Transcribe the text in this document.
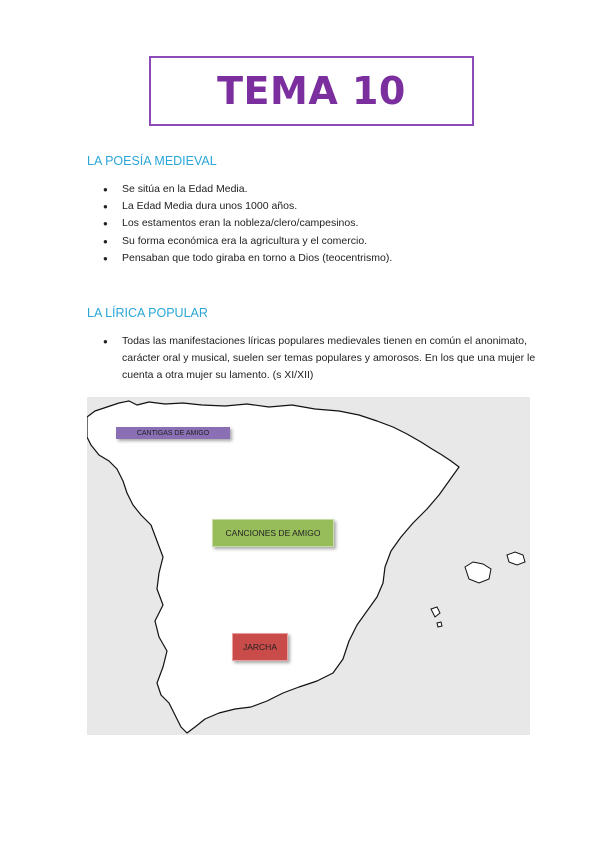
TEMA 10
LA POESÍA MEDIEVAL
● Se sitúa en la Edad Media.
● La Edad Media dura unos 1000 años.
● Los estamentos eran la nobleza/clero/campesinos.
● Su forma económica era la agricultura y el comercio.
● Pensaban que todo giraba en torno a Dios (teocentrismo).
LA LÍRICA POPULAR
● Todas las manifestaciones líricas populares medievales tienen en común el anonimato, carácter oral y musical, suelen ser temas populares y amorosos. En los que una mujer le cuenta a otra mujer su lamento. (s XI/XII)
CANTIGAS DE AMIGO
CANCIONES DE AMIGO
JARCHA
